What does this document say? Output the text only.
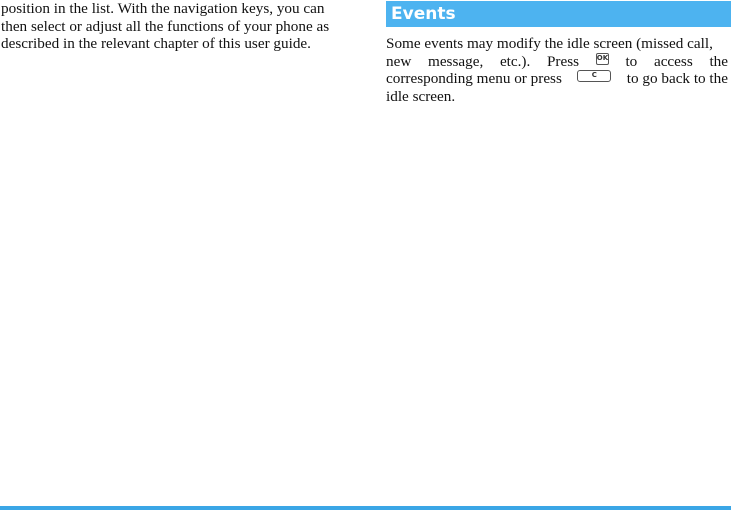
position in the list. With the navigation keys, you can
then select or adjust all the functions of your phone as
described in the relevant chapter of this user guide.
Events
Some events may modify the idle screen (missed call,
new message, etc.). Press	OK to access the
corresponding menu or press	C	to go back to the
idle screen.
